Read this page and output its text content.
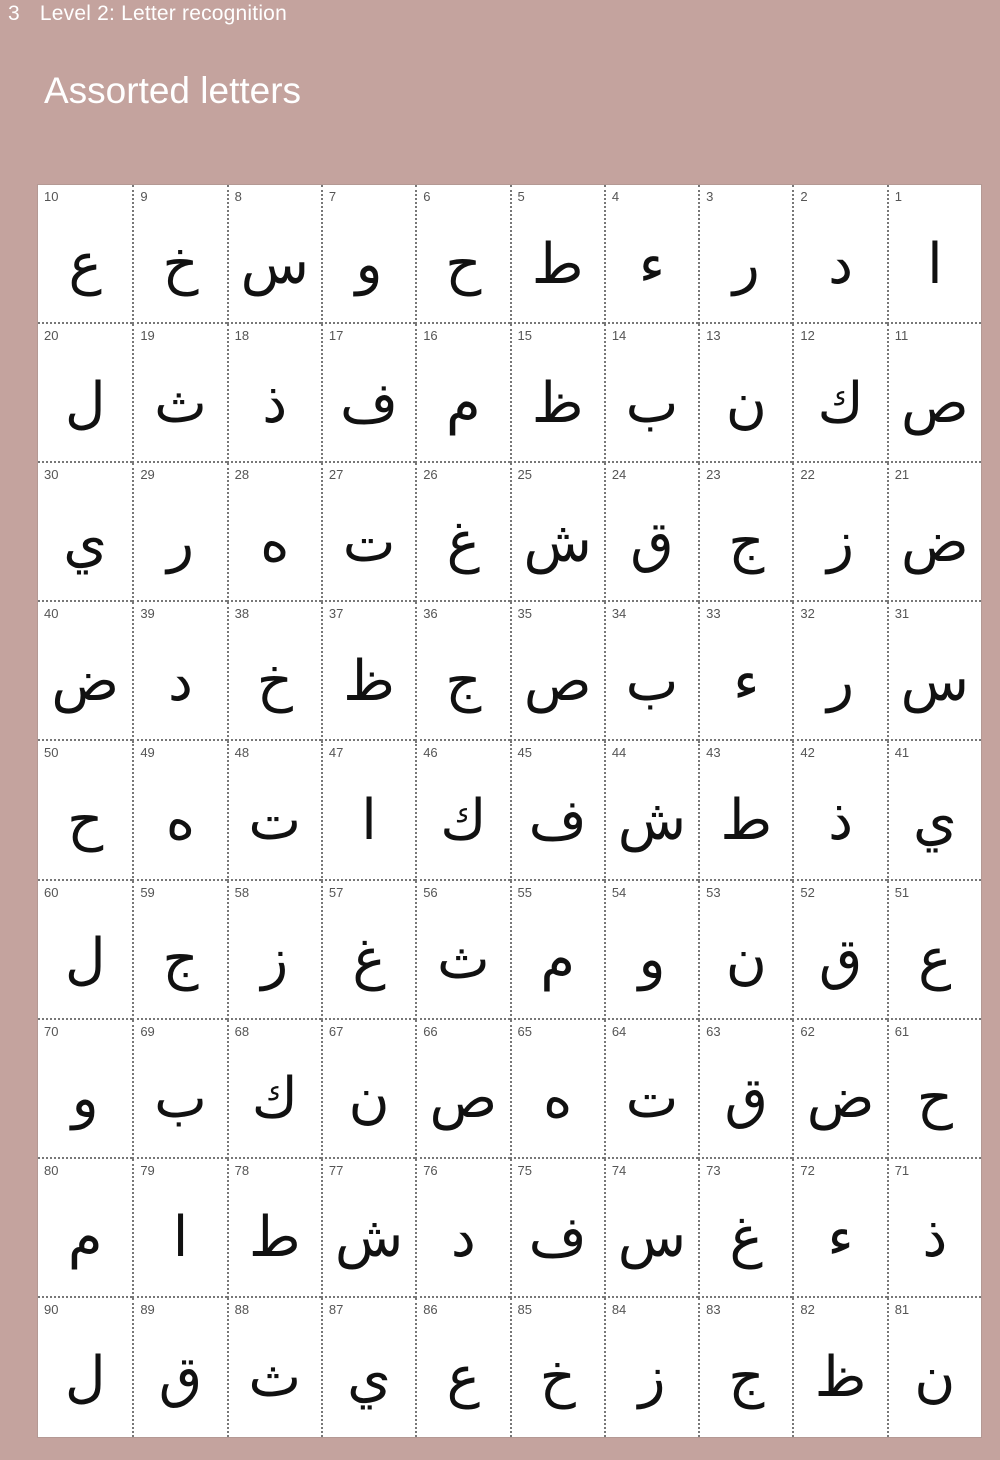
3 Level 2: Letter recognition
Assorted letters
1
ا
2
د
3
ر
4
ء
5
ط
6
ح
7
و
8
س
9
خ
10
ع
11
ص
12
ك
13
ن
14
ب
15
ظ
16
م
17
ف
18
ذ
19
ث
20
ل
21
ض
22
ز
23
ج
24
ق
25
ش
26
غ
27
ت
28
ه
29
ر
30
ي
31
س
32
ر
33
ء
34
ب
35
ص
36
ج
37
ظ
38
خ
39
د
40
ض
41
ي
42
ذ
43
ط
44
ش
45
ف
46
ك
47
ا
48
ت
49
ه
50
ح
51
ع
52
ق
53
ن
54
و
55
م
56
ث
57
غ
58
ز
59
ج
60
ل
61
ح
62
ض
63
ق
64
ت
65
ه
66
ص
67
ن
68
ك
69
ب
70
و
71
ذ
72
ء
73
غ
74
س
75
ف
76
د
77
ش
78
ط
79
ا
80
م
81
ن
82
ظ
83
ج
84
ز
85
خ
86
ع
87
ي
88
ث
89
ق
90
ل
